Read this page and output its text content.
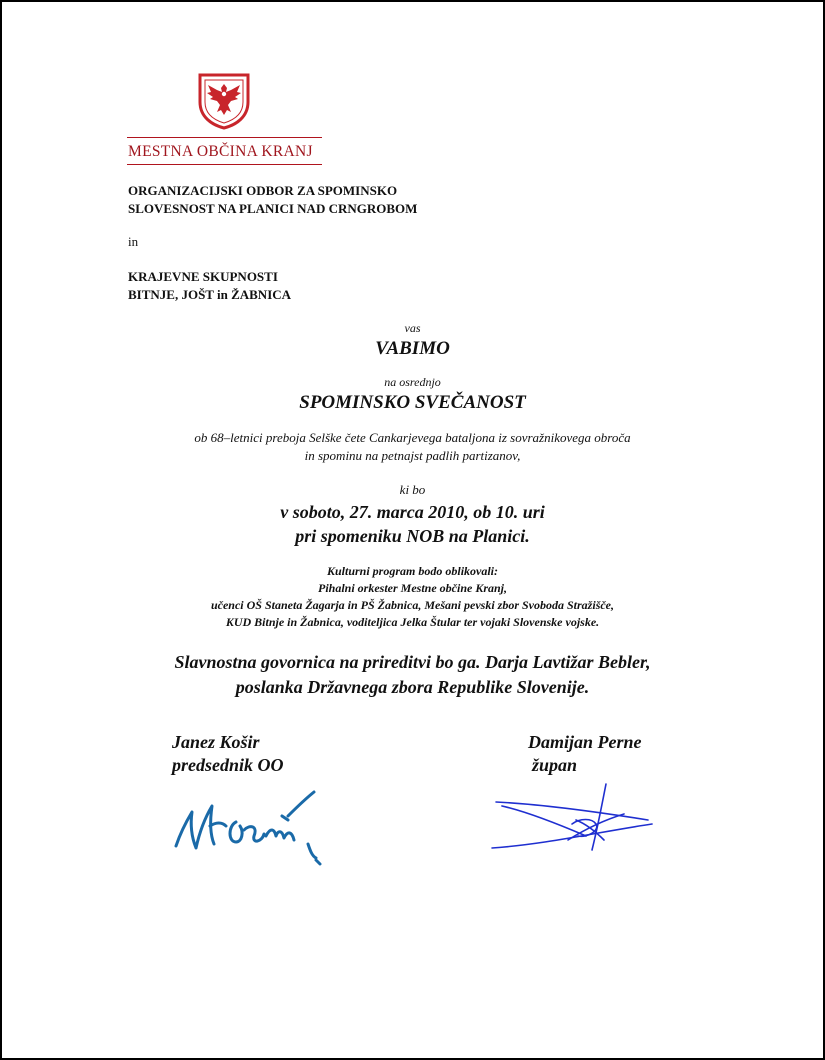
MESTNA OBČINA KRANJ
ORGANIZACIJSKI ODBOR ZA SPOMINSKO
SLOVESNOST NA PLANICI NAD CRNGROBOM
in
KRAJEVNE SKUPNOSTI
BITNJE, JOŠT in ŽABNICA
vas
VABIMO
na osrednjo
SPOMINSKO SVEČANOST
ob 68–letnici preboja Selške čete Cankarjevega bataljona iz sovražnikovega obroča
in spominu na petnajst padlih partizanov,
ki bo
v soboto, 27. marca 2010, ob 10. uri
pri spomeniku NOB na Planici.
Kulturni program bodo oblikovali:
Pihalni orkester Mestne občine Kranj,
učenci OŠ Staneta Žagarja in PŠ Žabnica, Mešani pevski zbor Svoboda Stražišče,
KUD Bitnje in Žabnica, voditeljica Jelka Štular ter vojaki Slovenske vojske.
Slavnostna govornica na prireditvi bo ga. Darja Lavtižar Bebler,
poslanka Državnega zbora Republike Slovenije.
Janez Košir
predsednik OO
Damijan Perne
župan
